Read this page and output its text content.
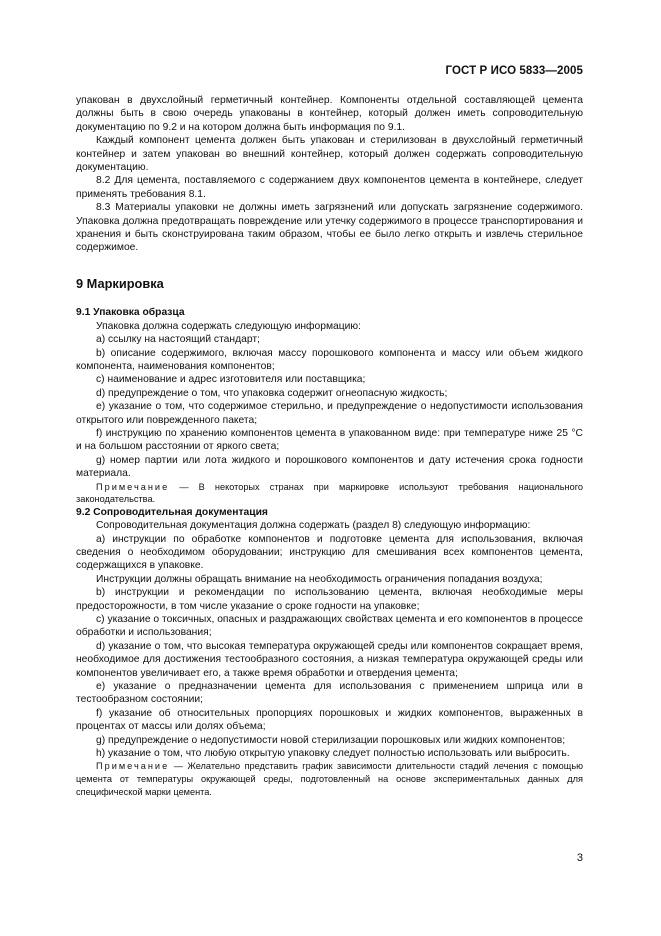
ГОСТ Р ИСО 5833—2005

упакован в двухслойный герметичный контейнер. Компоненты отдельной составляющей цемента должны быть в свою очередь упакованы в контейнер, который должен иметь сопроводительную документацию по 9.2 и на котором должна быть информация по 9.1.

Каждый компонент цемента должен быть упакован и стерилизован в двухслойный герметичный контейнер и затем упакован во внешний контейнер, который должен содержать сопроводительную документацию.

8.2 Для цемента, поставляемого с содержанием двух компонентов цемента в контейнере, следует применять требования 8.1.

8.3 Материалы упаковки не должны иметь загрязнений или допускать загрязнение содержимого. Упаковка должна предотвращать повреждение или утечку содержимого в процессе транспортирования и хранения и быть сконструирована таким образом, чтобы ее было легко открыть и извлечь стерильное содержимое.

9 Маркировка
9.1 Упаковка образца

Упаковка должна содержать следующую информацию:

a) ссылку на настоящий стандарт;

b) описание содержимого, включая массу порошкового компонента и массу или объем жидкого компонента, наименования компонентов;

c) наименование и адрес изготовителя или поставщика;

d) предупреждение о том, что упаковка содержит огнеопасную жидкость;

e) указание о том, что содержимое стерильно, и предупреждение о недопустимости использования открытого или поврежденного пакета;

f) инструкцию по хранению компонентов цемента в упакованном виде: при температуре ниже 25 °С и на большом расстоянии от яркого света;

g) номер партии или лота жидкого и порошкового компонентов и дату истечения срока годности материала.

Примечание — В некоторых странах при маркировке используют требования национального законодательства.

9.2 Сопроводительная документация

Сопроводительная документация должна содержать (раздел 8) следующую информацию:

a) инструкции по обработке компонентов и подготовке цемента для использования, включая сведения о необходимом оборудовании; инструкцию для смешивания всех компонентов цемента, содержащихся в упаковке.

Инструкции должны обращать внимание на необходимость ограничения попадания воздуха;

b) инструкции и рекомендации по использованию цемента, включая необходимые меры предосторожности, в том числе указание о сроке годности на упаковке;

c) указание о токсичных, опасных и раздражающих свойствах цемента и его компонентов в процессе обработки и использования;

d) указание о том, что высокая температура окружающей среды или компонентов сокращает время, необходимое для достижения тестообразного состояния, а низкая температура окружающей среды или компонентов увеличивает его, а также время обработки и отвердения цемента;

e) указание о предназначении цемента для использования с применением шприца или в тестообразном состоянии;

f) указание об относительных пропорциях порошковых и жидких компонентов, выраженных в процентах от массы или долях объема;

g) предупреждение о недопустимости новой стерилизации порошковых или жидких компонентов;

h) указание о том, что любую открытую упаковку следует полностью использовать или выбросить.

Примечание — Желательно представить график зависимости длительности стадий лечения с помощью цемента от температуры окружающей среды, подготовленный на основе экспериментальных данных для специфической марки цемента.

3
